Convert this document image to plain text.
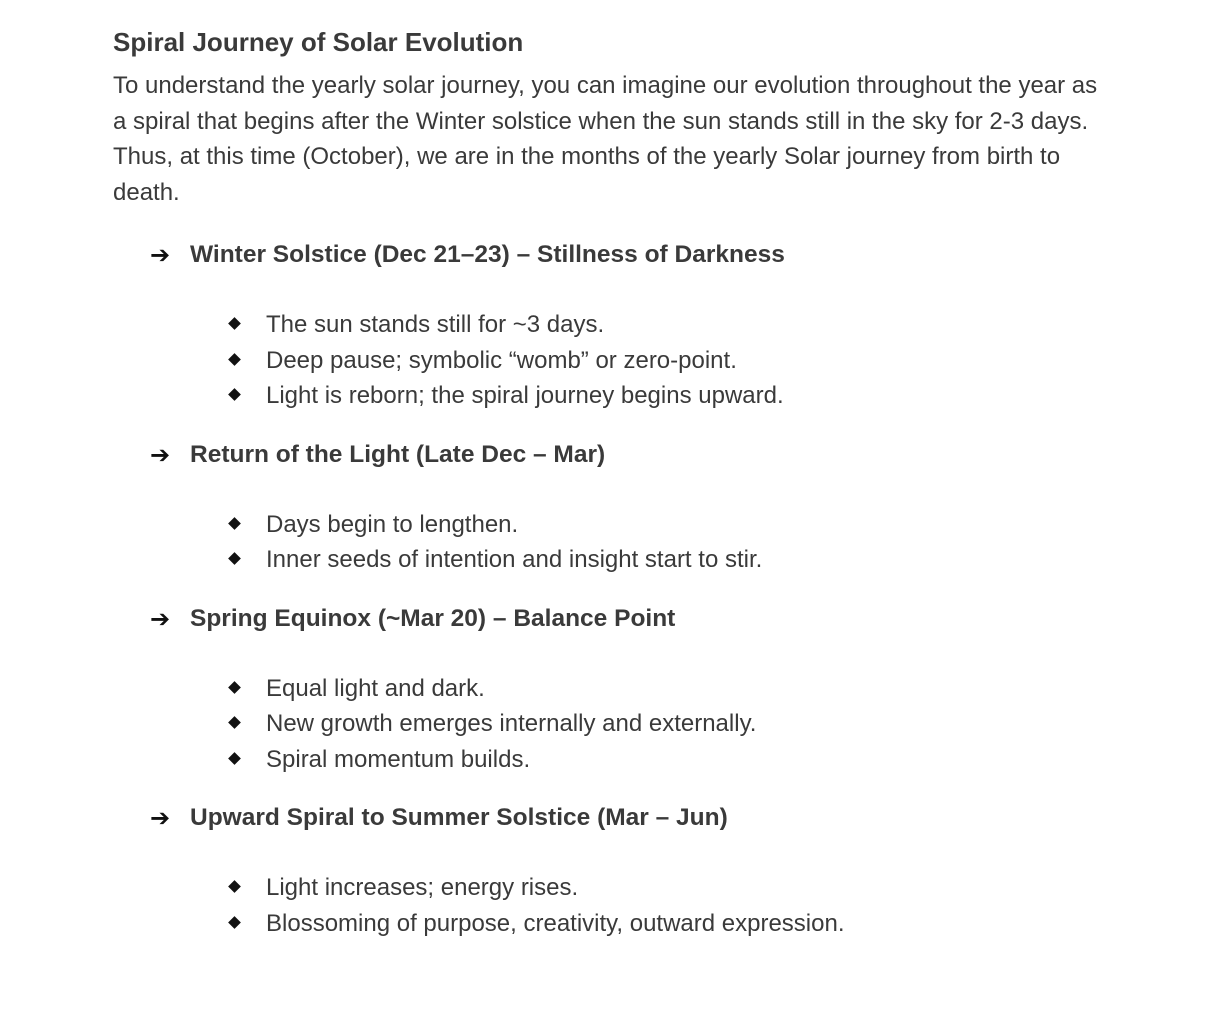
Spiral Journey of Solar Evolution

To understand the yearly solar journey, you can imagine our evolution throughout the year as a spiral that begins after the Winter solstice when the sun stands still in the sky for 2-3 days. Thus, at this time (October), we are in the months of the yearly Solar journey from birth to death.

➔ Winter Solstice (Dec 21–23) – Stillness of Darkness
The sun stands still for ~3 days.
Deep pause; symbolic “womb” or zero-point.
Light is reborn; the spiral journey begins upward.
➔ Return of the Light (Late Dec – Mar)
Days begin to lengthen.
Inner seeds of intention and insight start to stir.
➔ Spring Equinox (~Mar 20) – Balance Point
Equal light and dark.
New growth emerges internally and externally.
Spiral momentum builds.
➔ Upward Spiral to Summer Solstice (Mar – Jun)
Light increases; energy rises.
Blossoming of purpose, creativity, outward expression.
